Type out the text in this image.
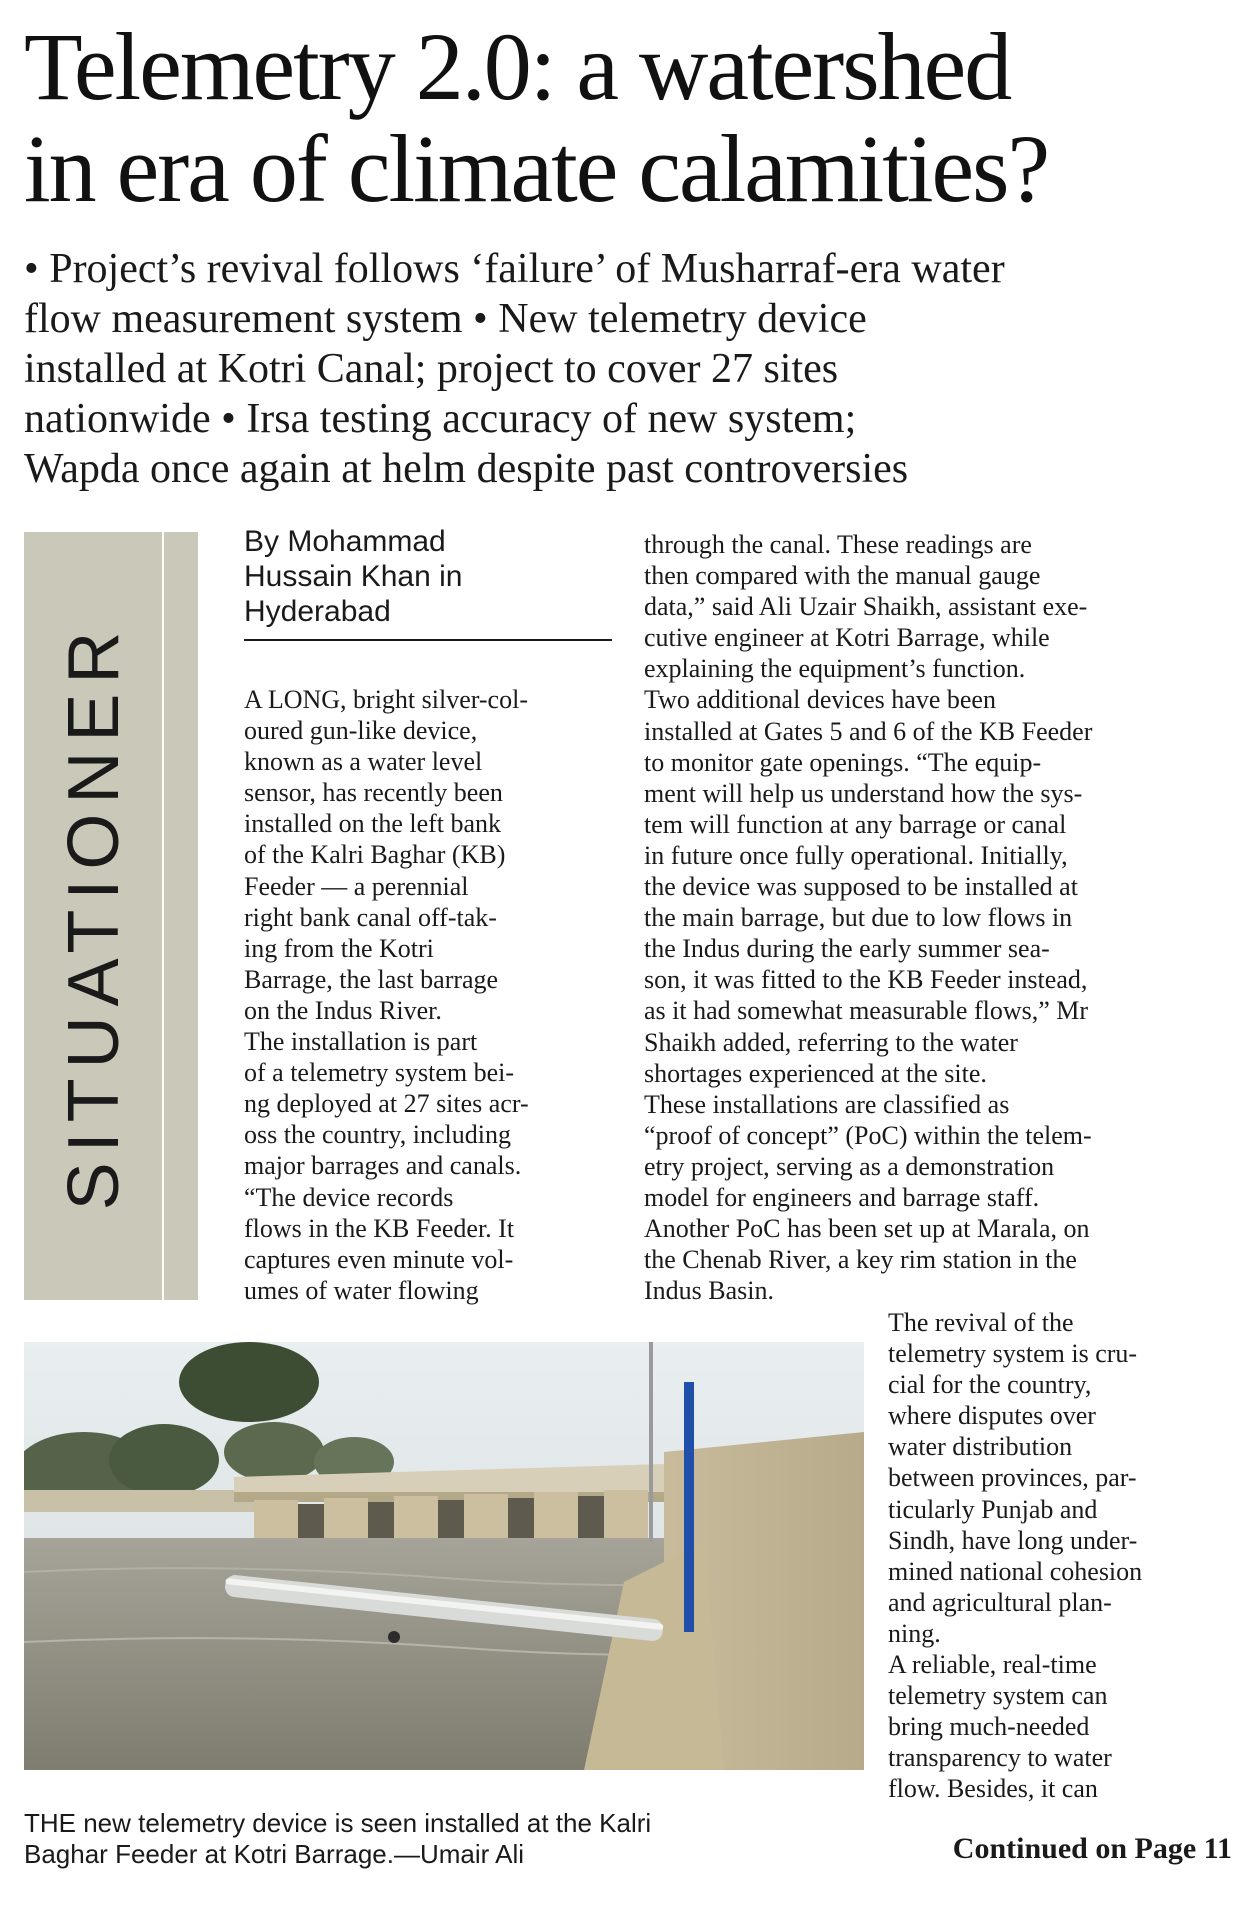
Telemetry 2.0: a watershed
in era of climate calamities?
• Project’s revival follows ‘failure’ of Musharraf-era water
flow measurement system • New telemetry device
installed at Kotri Canal; project to cover 27 sites
nationwide • Irsa testing accuracy of new system;
Wapda once again at helm despite past controversies
SITUATIONER
By Mohammad
Hussain Khan in
Hyderabad
A LONG, bright silver-col-
oured gun-like device,
known as a water level
sensor, has recently been
installed on the left bank
of the Kalri Baghar (KB)
Feeder — a perennial
right bank canal off-tak-
ing from the Kotri
Barrage, the last barrage
on the Indus River.
The installation is part
of a telemetry system bei-
ng deployed at 27 sites acr-
oss the country, including
major barrages and canals.
“The device records
flows in the KB Feeder. It
captures even minute vol-
umes of water flowing
through the canal. These readings are
then compared with the manual gauge
data,” said Ali Uzair Shaikh, assistant exe-
cutive engineer at Kotri Barrage, while
explaining the equipment’s function.
Two additional devices have been
installed at Gates 5 and 6 of the KB Feeder
to monitor gate openings. “The equip-
ment will help us understand how the sys-
tem will function at any barrage or canal
in future once fully operational. Initially,
the device was supposed to be installed at
the main barrage, but due to low flows in
the Indus during the early summer sea-
son, it was fitted to the KB Feeder instead,
as it had somewhat measurable flows,” Mr
Shaikh added, referring to the water
shortages experienced at the site.
These installations are classified as
“proof of concept” (PoC) within the telem-
etry project, serving as a demonstration
model for engineers and barrage staff.
Another PoC has been set up at Marala, on
the Chenab River, a key rim station in the
Indus Basin.
The revival of the
telemetry system is cru-
cial for the country,
where disputes over
water distribution
between provinces, par-
ticularly Punjab and
Sindh, have long under-
mined national cohesion
and agricultural plan-
ning.
A reliable, real-time
telemetry system can
bring much-needed
transparency to water
flow. Besides, it can
THE new telemetry device is seen installed at the Kalri
Baghar Feeder at Kotri Barrage.—Umair Ali	Continued on Page 11
